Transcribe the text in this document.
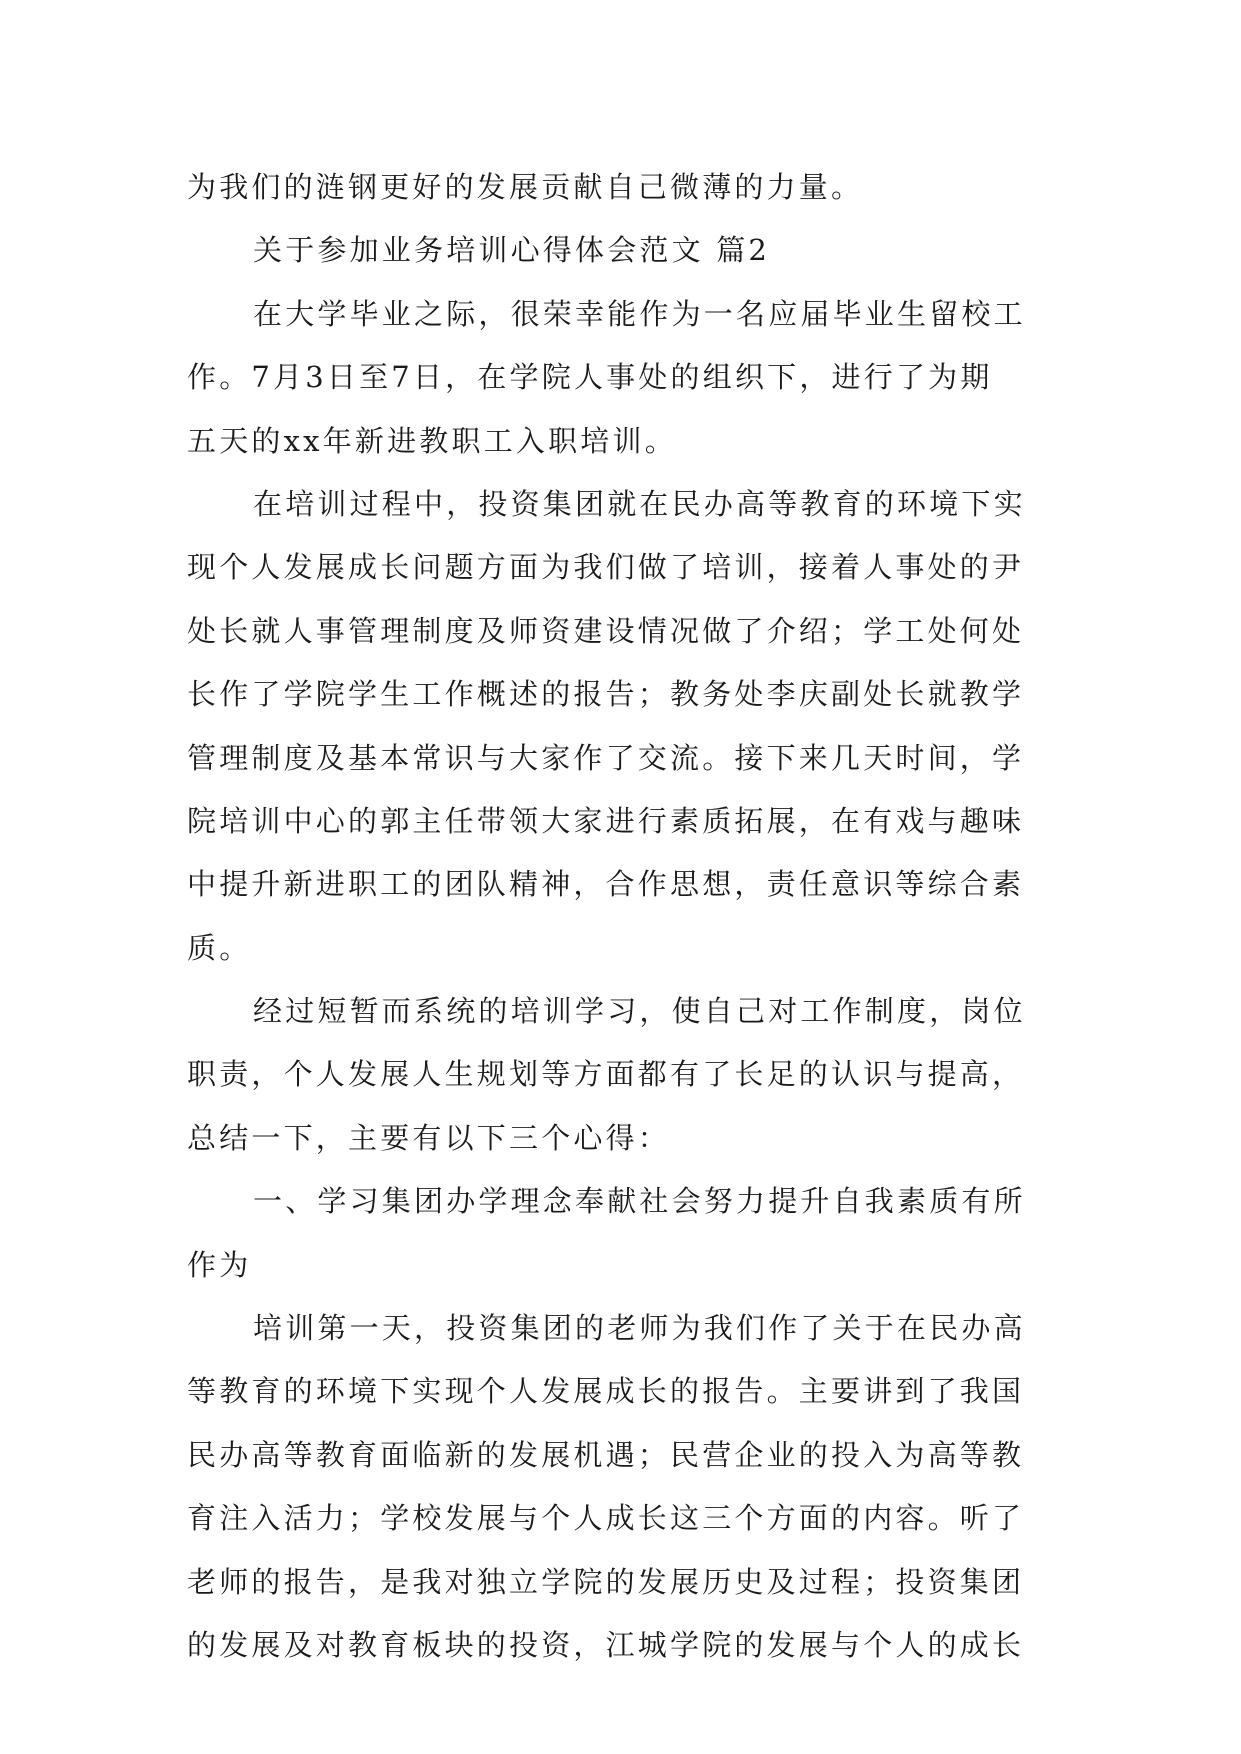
为我们的涟钢更好的发展贡献自己微薄的力量。
关于参加业务培训心得体会范文 篇2
在大学毕业之际，很荣幸能作为一名应届毕业生留校工
作。7月3日至7日，在学院人事处的组织下，进行了为期
五天的xx年新进教职工入职培训。
在培训过程中，投资集团就在民办高等教育的环境下实
现个人发展成长问题方面为我们做了培训，接着人事处的尹
处长就人事管理制度及师资建设情况做了介绍；学工处何处
长作了学院学生工作概述的报告；教务处李庆副处长就教学
管理制度及基本常识与大家作了交流。接下来几天时间，学
院培训中心的郭主任带领大家进行素质拓展，在有戏与趣味
中提升新进职工的团队精神，合作思想，责任意识等综合素
质。
经过短暂而系统的培训学习，使自己对工作制度，岗位
职责，个人发展人生规划等方面都有了长足的认识与提高，
总结一下，主要有以下三个心得：
一、学习集团办学理念奉献社会努力提升自我素质有所
作为
培训第一天，投资集团的老师为我们作了关于在民办高
等教育的环境下实现个人发展成长的报告。主要讲到了我国
民办高等教育面临新的发展机遇；民营企业的投入为高等教
育注入活力；学校发展与个人成长这三个方面的内容。听了
老师的报告，是我对独立学院的发展历史及过程；投资集团
的发展及对教育板块的投资，江城学院的发展与个人的成长
